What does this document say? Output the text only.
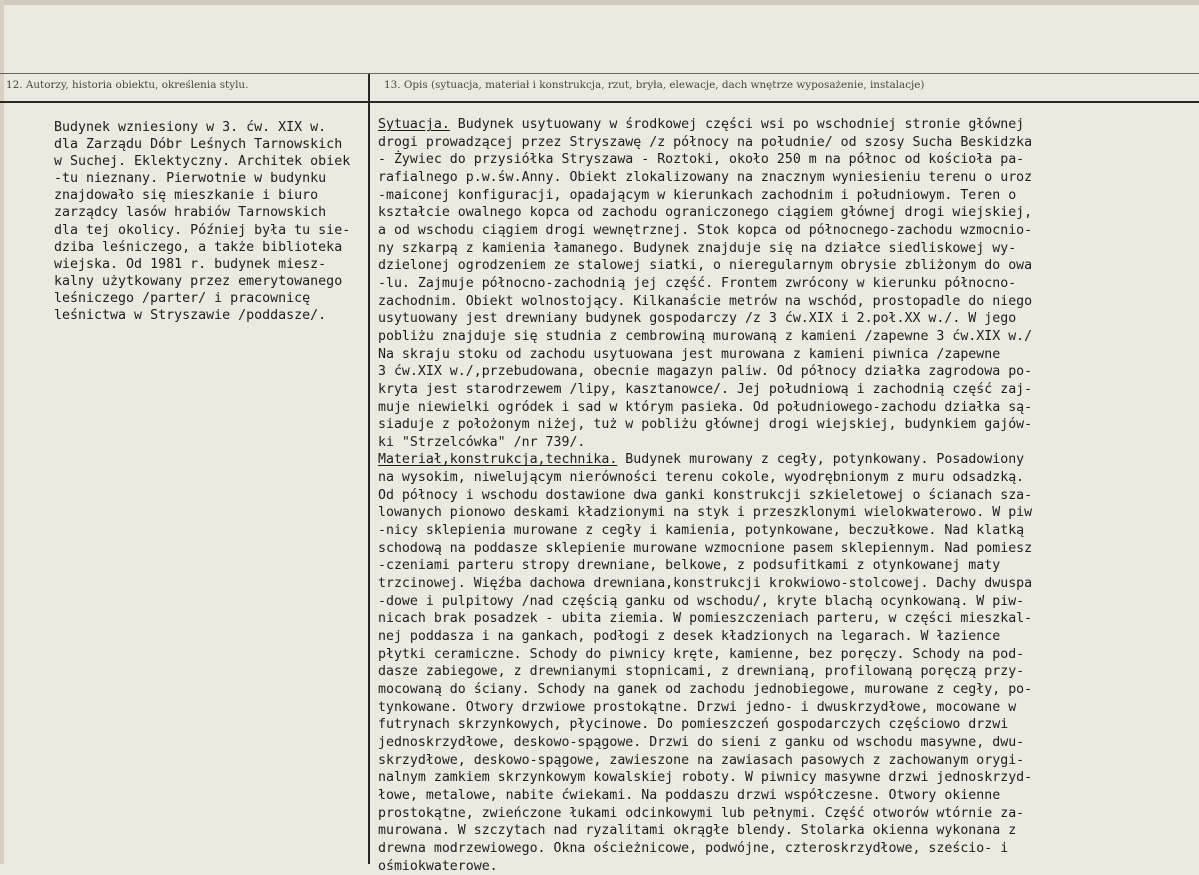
12. Autorzy, historia obiektu, określenia stylu.	13. Opis (sytuacja, materiał i konstrukcja, rzut, bryła, elewacje, dach wnętrze wyposażenie, instalacje)
Budynek wzniesiony w 3. ćw. XIX w.
dla Zarządu Dóbr Leśnych Tarnowskich
w Suchej. Eklektyczny. Architek obiek
-tu nieznany. Pierwotnie w budynku
znajdowało się mieszkanie i biuro
zarządcy lasów hrabiów Tarnowskich
dla tej okolicy. Później była tu sie-
dziba leśniczego, a także biblioteka
wiejska. Od 1981 r. budynek miesz-
kalny użytkowany przez emerytowanego
leśniczego /parter/ i pracownicę
leśnictwa w Stryszawie /poddasze/.
Sytuacja. Budynek usytuowany w środkowej części wsi po wschodniej stronie głównej
drogi prowadzącej przez Stryszawę /z północy na południe/ od szosy Sucha Beskidzka
- Żywiec do przysiółka Stryszawa - Roztoki, około 250 m na północ od kościoła pa-
rafialnego p.w.św.Anny. Obiekt zlokalizowany na znacznym wyniesieniu terenu o uroz
-maiconej konfiguracji, opadającym w kierunkach zachodnim i południowym. Teren o
kształcie owalnego kopca od zachodu ograniczonego ciągiem głównej drogi wiejskiej,
a od wschodu ciągiem drogi wewnętrznej. Stok kopca od północnego-zachodu wzmocnio-
ny szkarpą z kamienia łamanego. Budynek znajduje się na działce siedliskowej wy-
dzielonej ogrodzeniem ze stalowej siatki, o nieregularnym obrysie zbliżonym do owa
-lu. Zajmuje północno-zachodnią jej część. Frontem zwrócony w kierunku północno-
zachodnim. Obiekt wolnostojący. Kilkanaście metrów na wschód, prostopadle do niego
usytuowany jest drewniany budynek gospodarczy /z 3 ćw.XIX i 2.poł.XX w./. W jego
pobliżu znajduje się studnia z cembrowiną murowaną z kamieni /zapewne 3 ćw.XIX w./
Na skraju stoku od zachodu usytuowana jest murowana z kamieni piwnica /zapewne
3 ćw.XIX w./,przebudowana, obecnie magazyn paliw. Od północy działka zagrodowa po-
kryta jest starodrzewem /lipy, kasztanowce/. Jej południową i zachodnią część zaj-
muje niewielki ogródek i sad w którym pasieka. Od południowego-zachodu działka są-
siaduje z położonym niżej, tuż w pobliżu głównej drogi wiejskiej, budynkiem gajów-
ki "Strzelcówka" /nr 739/.
Materiał,konstrukcja,technika. Budynek murowany z cegły, potynkowany. Posadowiony
na wysokim, niwelującym nierówności terenu cokole, wyodrębnionym z muru odsadzką.
Od północy i wschodu dostawione dwa ganki konstrukcji szkieletowej o ścianach sza-
lowanych pionowo deskami kładzionymi na styk i przeszklonymi wielokwaterowo. W piw
-nicy sklepienia murowane z cegły i kamienia, potynkowane, beczułkowe. Nad klatką
schodową na poddasze sklepienie murowane wzmocnione pasem sklepiennym. Nad pomiesz
-czeniami parteru stropy drewniane, belkowe, z podsufitkami z otynkowanej maty
trzcinowej. Więźba dachowa drewniana,konstrukcji krokwiowo-stolcowej. Dachy dwuspa
-dowe i pulpitowy /nad częścią ganku od wschodu/, kryte blachą ocynkowaną. W piw-
nicach brak posadzek - ubita ziemia. W pomieszczeniach parteru, w części mieszkal-
nej poddasza i na gankach, podłogi z desek kładzionych na legarach. W łazience
płytki ceramiczne. Schody do piwnicy kręte, kamienne, bez poręczy. Schody na pod-
dasze zabiegowe, z drewnianymi stopnicami, z drewnianą, profilowaną poręczą przy-
mocowaną do ściany. Schody na ganek od zachodu jednobiegowe, murowane z cegły, po-
tynkowane. Otwory drzwiowe prostokątne. Drzwi jedno- i dwuskrzydłowe, mocowane w
futrynach skrzynkowych, płycinowe. Do pomieszczeń gospodarczych częściowo drzwi
jednoskrzydłowe, deskowo-spągowe. Drzwi do sieni z ganku od wschodu masywne, dwu-
skrzydłowe, deskowo-spągowe, zawieszone na zawiasach pasowych z zachowanym orygi-
nalnym zamkiem skrzynkowym kowalskiej roboty. W piwnicy masywne drzwi jednoskrzyd-
łowe, metalowe, nabite ćwiekami. Na poddaszu drzwi współczesne. Otwory okienne
prostokątne, zwieńczone łukami odcinkowymi lub pełnymi. Część otworów wtórnie za-
murowana. W szczytach nad ryzalitami okrągłe blendy. Stolarka okienna wykonana z
drewna modrzewiowego. Okna ościeżnicowe, podwójne, czteroskrzydłowe, sześcio- i
ośmiokwaterowe.
